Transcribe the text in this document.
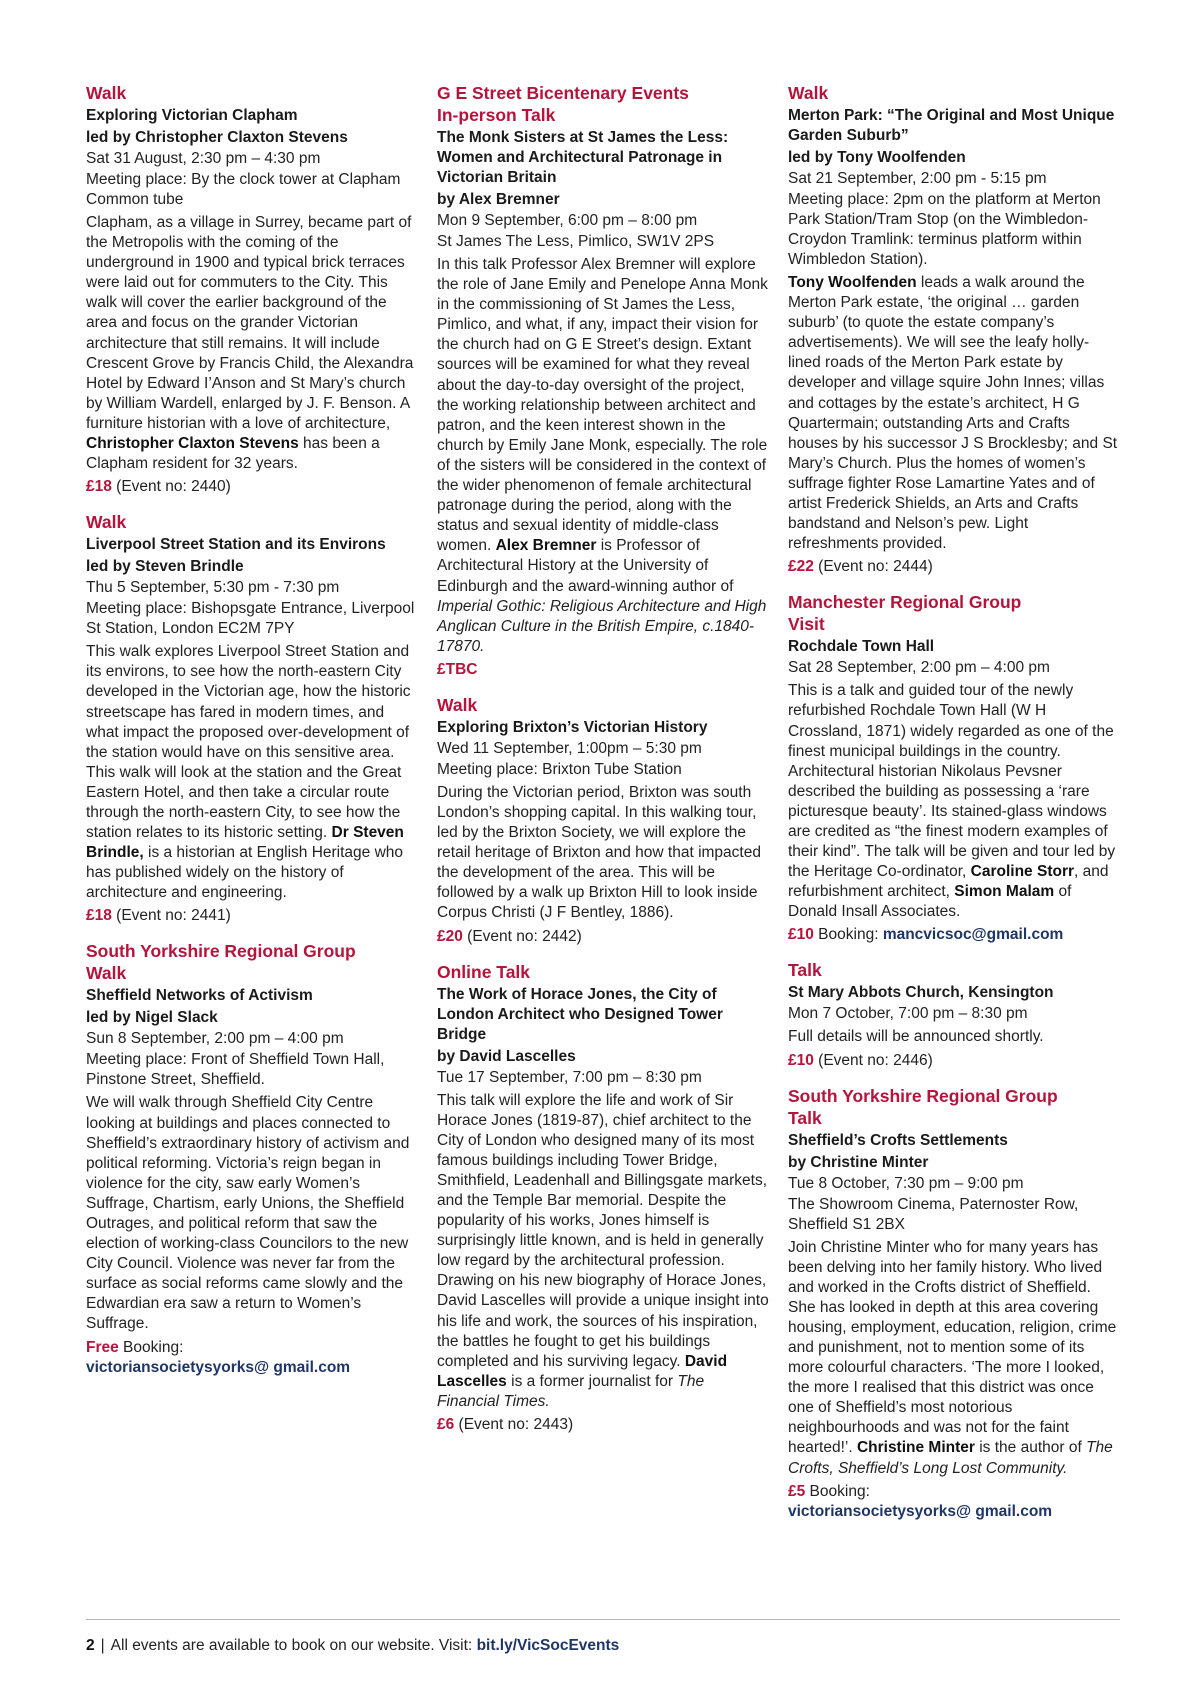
Walk
Exploring Victorian Clapham
led by Christopher Claxton Stevens
Sat 31 August, 2:30 pm – 4:30 pm
Meeting place: By the clock tower at Clapham Common tube
Clapham, as a village in Surrey, became part of the Metropolis with the coming of the underground in 1900 and typical brick terraces were laid out for commuters to the City. This walk will cover the earlier background of the area and focus on the grander Victorian architecture that still remains. It will include Crescent Grove by Francis Child, the Alexandra Hotel by Edward I’Anson and St Mary’s church by William Wardell, enlarged by J. F. Benson. A furniture historian with a love of architecture, Christopher Claxton Stevens has been a Clapham resident for 32 years.
£18 (Event no: 2440)
Walk
Liverpool Street Station and its Environs
led by Steven Brindle
Thu 5 September, 5:30 pm - 7:30 pm
Meeting place: Bishopsgate Entrance, Liverpool St Station, London EC2M 7PY
This walk explores Liverpool Street Station and its environs, to see how the north-eastern City developed in the Victorian age, how the historic streetscape has fared in modern times, and what impact the proposed over-development of the station would have on this sensitive area. This walk will look at the station and the Great Eastern Hotel, and then take a circular route through the north-eastern City, to see how the station relates to its historic setting. Dr Steven Brindle, is a historian at English Heritage who has published widely on the history of architecture and engineering.
£18 (Event no: 2441)
South Yorkshire Regional Group
Walk
Sheffield Networks of Activism
led by Nigel Slack
Sun 8 September, 2:00 pm – 4:00 pm
Meeting place: Front of Sheffield Town Hall, Pinstone Street, Sheffield.
We will walk through Sheffield City Centre looking at buildings and places connected to Sheffield’s extraordinary history of activism and political reforming. Victoria’s reign began in violence for the city, saw early Women’s Suffrage, Chartism, early Unions, the Sheffield Outrages, and political reform that saw the election of working-class Councilors to the new City Council. Violence was never far from the surface as social reforms came slowly and the Edwardian era saw a return to Women’s Suffrage.
Free Booking:
victoriansocietysyorks@ gmail.com
G E Street Bicentenary Events
In-person Talk
The Monk Sisters at St James the Less: Women and Architectural Patronage in Victorian Britain
by Alex Bremner
Mon 9 September, 6:00 pm – 8:00 pm
St James The Less, Pimlico, SW1V 2PS
In this talk Professor Alex Bremner will explore the role of Jane Emily and Penelope Anna Monk in the commissioning of St James the Less, Pimlico, and what, if any, impact their vision for the church had on G E Street’s design. Extant sources will be examined for what they reveal about the day-to-day oversight of the project, the working relationship between architect and patron, and the keen interest shown in the church by Emily Jane Monk, especially. The role of the sisters will be considered in the context of the wider phenomenon of female architectural patronage during the period, along with the status and sexual identity of middle-class women. Alex Bremner is Professor of Architectural History at the University of Edinburgh and the award-winning author of Imperial Gothic: Religious Architecture and High Anglican Culture in the British Empire, c.1840-17870.
£TBC
Walk
Exploring Brixton’s Victorian History
Wed 11 September, 1:00pm – 5:30 pm
Meeting place: Brixton Tube Station
During the Victorian period, Brixton was south London’s shopping capital. In this walking tour, led by the Brixton Society, we will explore the retail heritage of Brixton and how that impacted the development of the area. This will be followed by a walk up Brixton Hill to look inside Corpus Christi (J F Bentley, 1886).
£20 (Event no: 2442)
Online Talk
The Work of Horace Jones, the City of London Architect who Designed Tower Bridge
by David Lascelles
Tue 17 September, 7:00 pm – 8:30 pm
This talk will explore the life and work of Sir Horace Jones (1819-87), chief architect to the City of London who designed many of its most famous buildings including Tower Bridge, Smithfield, Leadenhall and Billingsgate markets, and the Temple Bar memorial. Despite the popularity of his works, Jones himself is surprisingly little known, and is held in generally low regard by the architectural profession. Drawing on his new biography of Horace Jones, David Lascelles will provide a unique insight into his life and work, the sources of his inspiration, the battles he fought to get his buildings completed and his surviving legacy. David Lascelles is a former journalist for The Financial Times.
£6 (Event no: 2443)
Walk
Merton Park: “The Original and Most Unique Garden Suburb”
led by Tony Woolfenden
Sat 21 September, 2:00 pm - 5:15 pm
Meeting place: 2pm on the platform at Merton Park Station/Tram Stop (on the Wimbledon-Croydon Tramlink: terminus platform within Wimbledon Station).
Tony Woolfenden leads a walk around the Merton Park estate, ‘the original … garden suburb’ (to quote the estate company’s advertisements). We will see the leafy holly-lined roads of the Merton Park estate by developer and village squire John Innes; villas and cottages by the estate’s architect, H G Quartermain; outstanding Arts and Crafts houses by his successor J S Brocklesby; and St Mary’s Church. Plus the homes of women’s suffrage fighter Rose Lamartine Yates and of artist Frederick Shields, an Arts and Crafts bandstand and Nelson’s pew. Light refreshments provided.
£22 (Event no: 2444)
Manchester Regional Group
Visit
Rochdale Town Hall
Sat 28 September, 2:00 pm – 4:00 pm
This is a talk and guided tour of the newly refurbished Rochdale Town Hall (W H Crossland, 1871) widely regarded as one of the finest municipal buildings in the country. Architectural historian Nikolaus Pevsner described the building as possessing a ‘rare picturesque beauty’. Its stained-glass windows are credited as “the finest modern examples of their kind”. The talk will be given and tour led by the Heritage Co-ordinator, Caroline Storr, and refurbishment architect, Simon Malam of Donald Insall Associates.
£10 Booking: mancvicsoc@gmail.com
Talk
St Mary Abbots Church, Kensington
Mon 7 October, 7:00 pm – 8:30 pm
Full details will be announced shortly.
£10 (Event no: 2446)
South Yorkshire Regional Group
Talk
Sheffield’s Crofts Settlements
by Christine Minter
Tue 8 October, 7:30 pm – 9:00 pm
The Showroom Cinema, Paternoster Row, Sheffield S1 2BX
Join Christine Minter who for many years has been delving into her family history. Who lived and worked in the Crofts district of Sheffield. She has looked in depth at this area covering housing, employment, education, religion, crime and punishment, not to mention some of its more colourful characters. ‘The more I looked, the more I realised that this district was once one of Sheffield’s most notorious neighbourhoods and was not for the faint hearted!’. Christine Minter is the author of The Crofts, Sheffield’s Long Lost Community.
£5 Booking:
victoriansocietysyorks@ gmail.com
2 | All events are available to book on our website. Visit: bit.ly/VicSocEvents
